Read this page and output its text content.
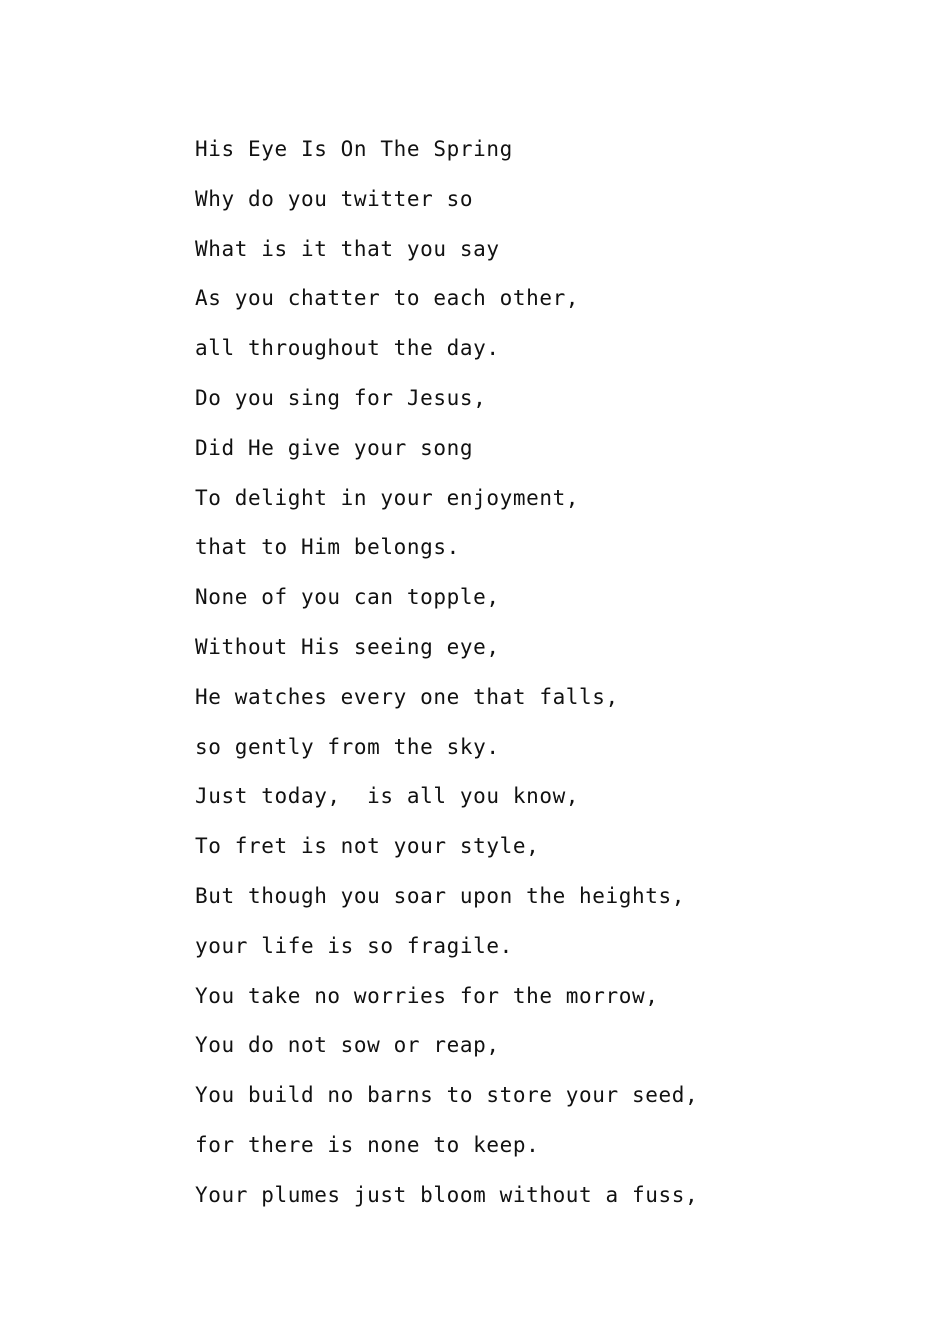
His Eye Is On The Spring
Why do you twitter so
What is it that you say
As you chatter to each other,
all throughout the day.
Do you sing for Jesus,
Did He give your song
To delight in your enjoyment,
that to Him belongs.
None of you can topple,
Without His seeing eye,
He watches every one that falls,
so gently from the sky.
Just today,  is all you know,
To fret is not your style,
But though you soar upon the heights,
your life is so fragile.
You take no worries for the morrow,
You do not sow or reap,
You build no barns to store your seed,
for there is none to keep.
Your plumes just bloom without a fuss,
